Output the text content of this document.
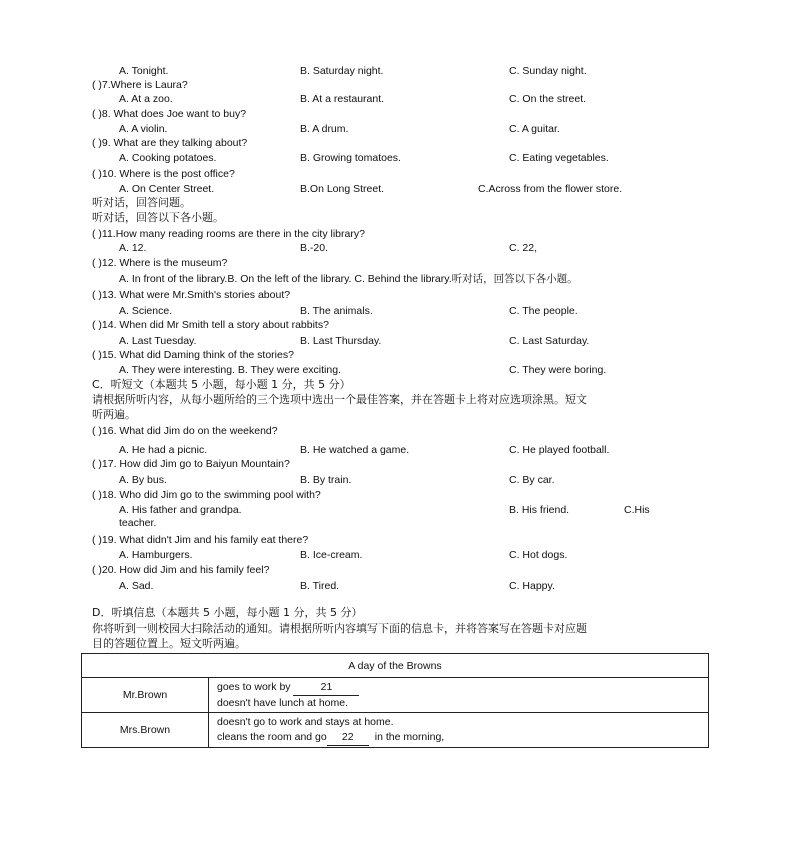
A. Tonight.	B. Saturday night.	C. Sunday night.
( )7.Where is Laura?
A. At a zoo.	B. At a restaurant.	C. On the street.
( )8. What does Joe want to buy?
A. A violin.	B. A drum.	C. A guitar.
( )9. What are they talking about?
A. Cooking potatoes.	B. Growing tomatoes.	C. Eating vegetables.
( )10. Where is the post office?
A. On Center Street.	B.On Long Street.	C.Across from the flower store.
听对话，回答问题。
听对话，回答以下各小题。
( )11.How many reading rooms are there in the city library?
A. 12.	B.-20.	C. 22,
( )12. Where is the museum?
A. In front of the library.B. On the left of the library. C. Behind the library.听对话，回答以下各小题。
( )13. What were Mr.Smith's stories about?
A. Science.	B. The animals.	C. The people.
( )14. When did Mr Smith tell a story about rabbits?
A. Last Tuesday.	B. Last Thursday.	C. Last Saturday.
( )15. What did Daming think of the stories?
A. They were interesting. B. They were exciting.	C. They were boring.
C．听短文（本题共 5 小题，每小题 1 分，共 5 分）
请根据所听内容，从每小题所给的三个选项中选出一个最佳答案，并在答题卡上将对应选项涂黑。短文
听两遍。
( )16. What did Jim do on the weekend?
A. He had a picnic.	B. He watched a game.	C. He played football.
( )17. How did Jim go to Baiyun Mountain?
A. By bus.	B. By train.	C. By car.
( )18. Who did Jim go to the swimming pool with?
A. His father and grandpa.	B. His friend.	C.His
teacher.
( )19. What didn't Jim and his family eat there?
A. Hamburgers.	B. Ice-cream.	C. Hot dogs.
( )20. How did Jim and his family feel?
A. Sad.	B. Tired.	C. Happy.
D．听填信息（本题共 5 小题，每小题 1 分，共 5 分）
你将听到一则校园大扫除活动的通知。请根据所听内容填写下面的信息卡，并将答案写在答题卡对应题
目的答题位置上。短文听两遍。
A day of the Browns	
Mr.Brown	goes to work by 21
doesn't have lunch at home.

Mrs.Brown	doesn't go to work and stays at home.
cleans the room and go 22 in the morning,
